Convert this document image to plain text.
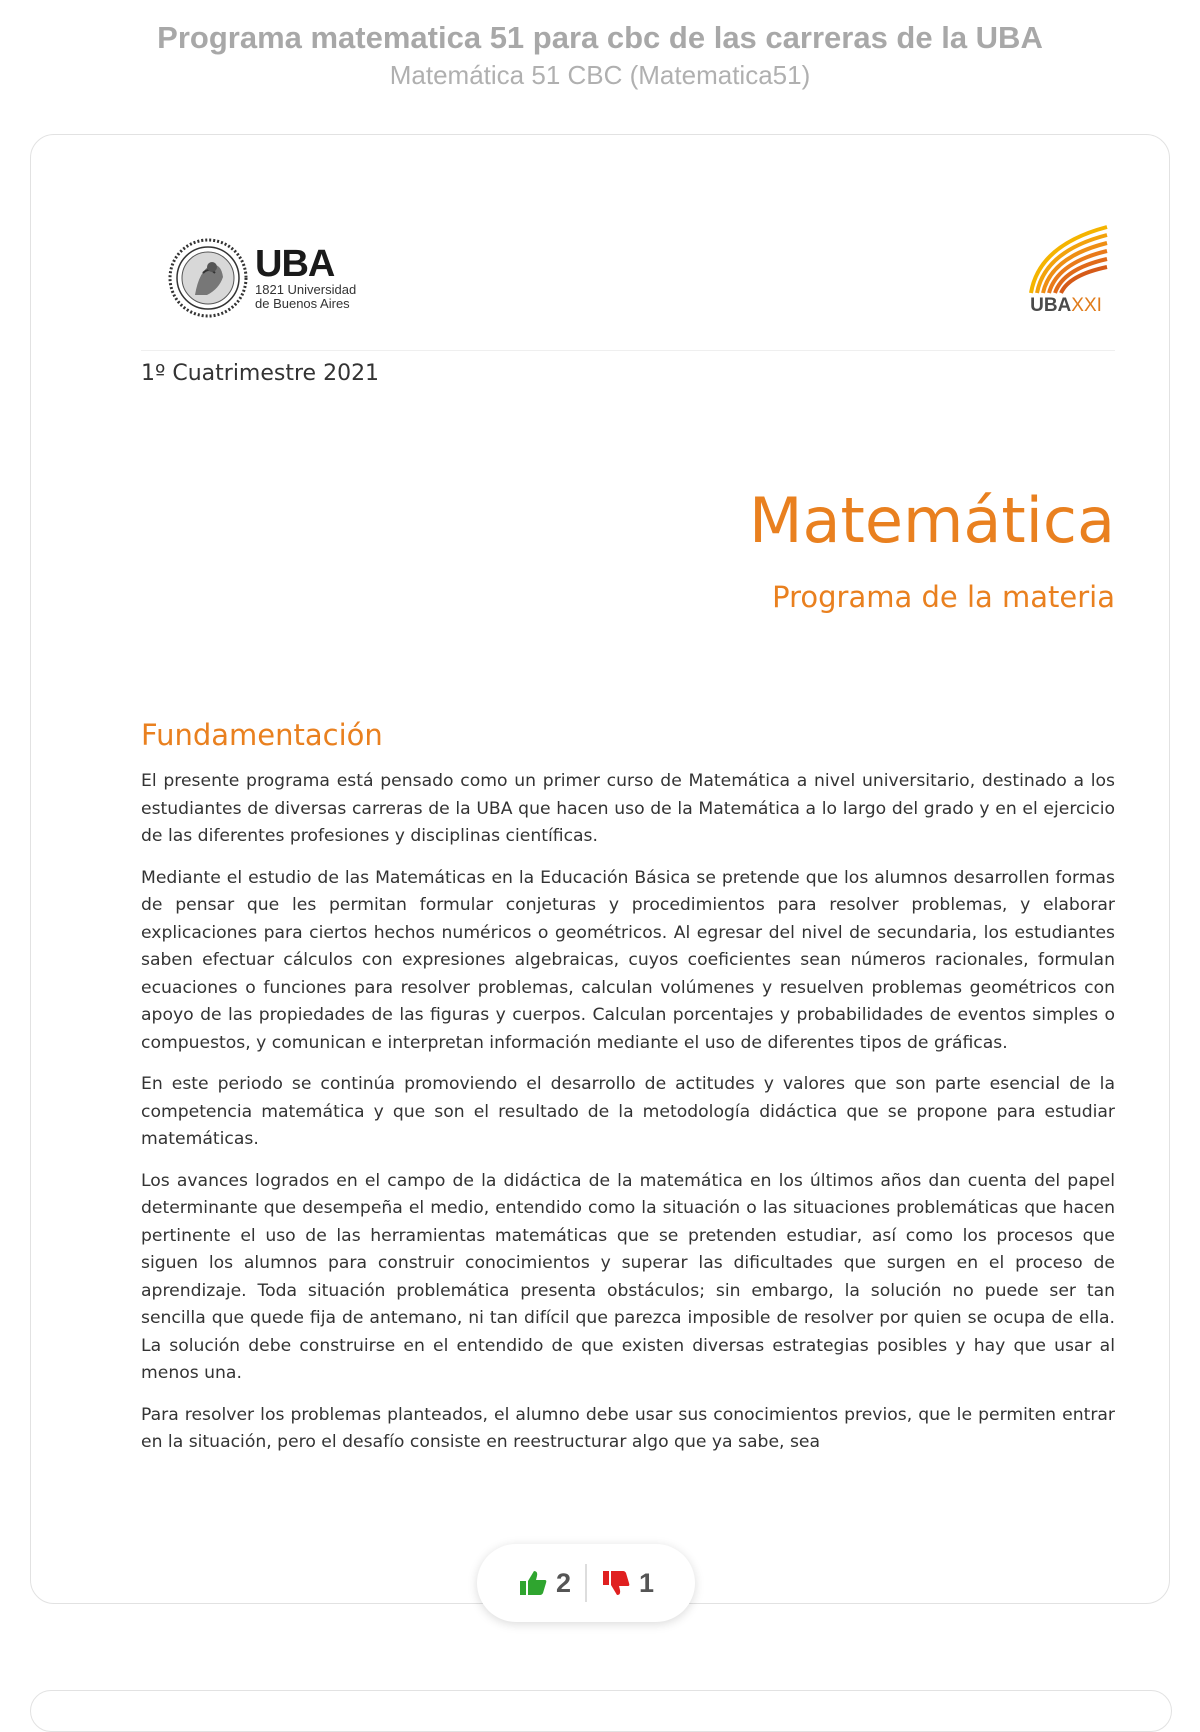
Programa matematica 51 para cbc de las carreras de la UBA
Matemática 51 CBC (Matematica51)
UBA
1821 Universidad
de Buenos Aires	UBAXXI
1º Cuatrimestre 2021
Matemática
Programa de la materia
Fundamentación

El presente programa está pensado como un primer curso de Matemática a nivel universitario, destinado a los estudiantes de diversas carreras de la UBA que hacen uso de la Matemática a lo largo del grado y en el ejercicio de las diferentes profesiones y disciplinas científicas.

Mediante el estudio de las Matemáticas en la Educación Básica se pretende que los alumnos desarrollen formas de pensar que les permitan formular conjeturas y procedimientos para resolver problemas, y elaborar explicaciones para ciertos hechos numéricos o geométricos. Al egresar del nivel de secundaria, los estudiantes saben efectuar cálculos con expresiones algebraicas, cuyos coeficientes sean números racionales, formulan ecuaciones o funciones para resolver problemas, calculan volúmenes y resuelven problemas geométricos con apoyo de las propiedades de las figuras y cuerpos. Calculan porcentajes y probabilidades de eventos simples o compuestos, y comunican e interpretan información mediante el uso de diferentes tipos de gráficas.

En este periodo se continúa promoviendo el desarrollo de actitudes y valores que son parte esencial de la competencia matemática y que son el resultado de la metodología didáctica que se propone para estudiar matemáticas.

Los avances logrados en el campo de la didáctica de la matemática en los últimos años dan cuenta del papel determinante que desempeña el medio, entendido como la situación o las situaciones problemáticas que hacen pertinente el uso de las herramientas matemáticas que se pretenden estudiar, así como los procesos que siguen los alumnos para construir conocimientos y superar las dificultades que surgen en el proceso de aprendizaje. Toda situación problemática presenta obstáculos; sin embargo, la solución no puede ser tan sencilla que quede fija de antemano, ni tan difícil que parezca imposible de resolver por quien se ocupa de ella. La solución debe construirse en el entendido de que existen diversas estrategias posibles y hay que usar al menos una.

Para resolver los problemas planteados, el alumno debe usar sus conocimientos previos, que le permiten entrar en la situación, pero el desafío consiste en reestructurar algo que ya sabe, sea

2	1
